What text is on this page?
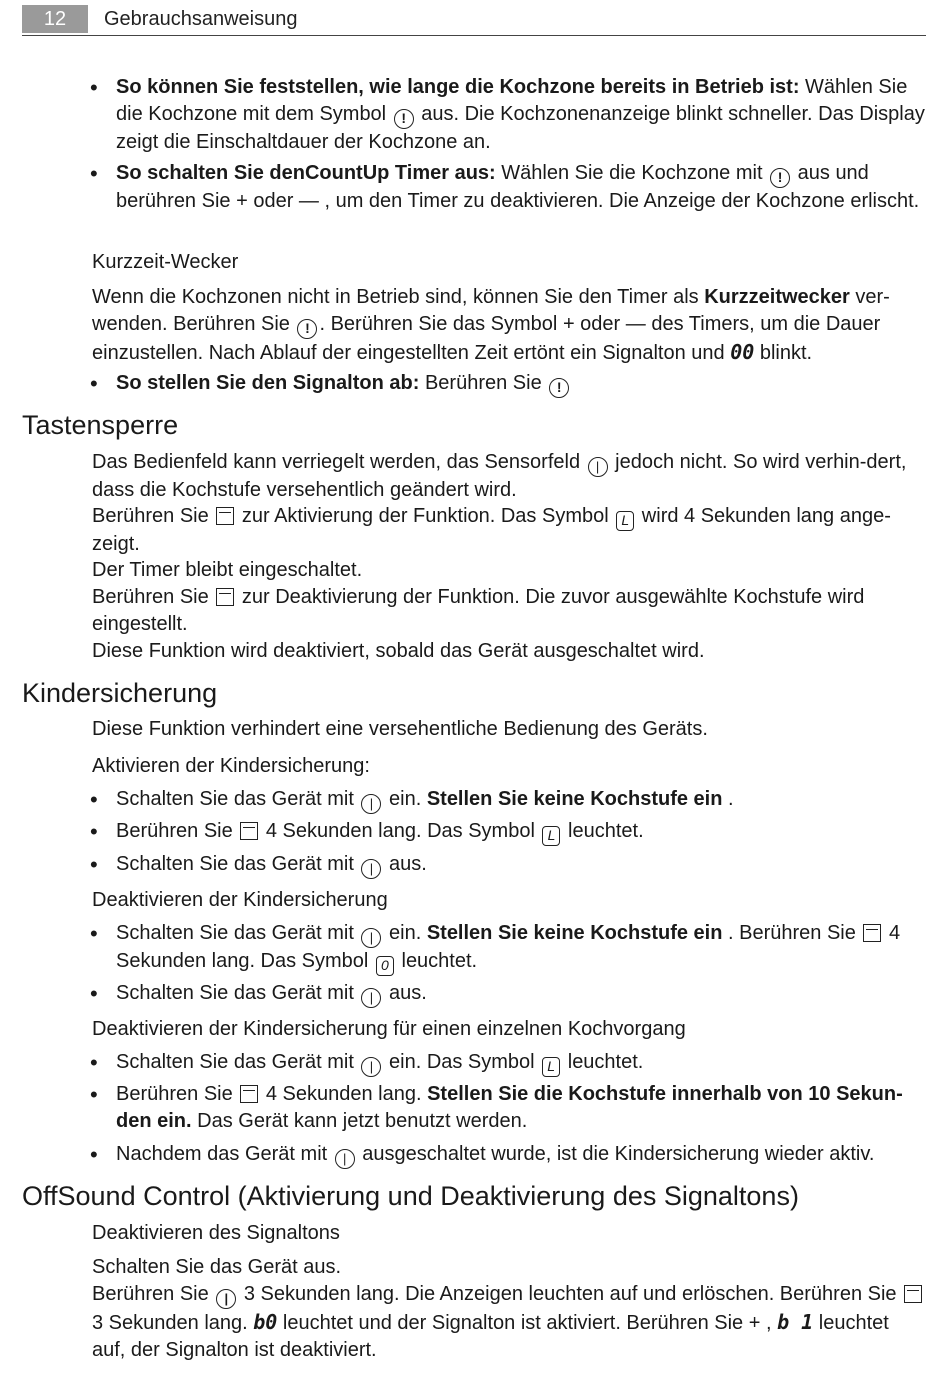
12	Gebrauchsanweisung
• So können Sie feststellen, wie lange die Kochzone bereits in Betrieb ist: Wählen Sie die Kochzone mit dem Symbol ! aus. Die Kochzonenanzeige blinkt schneller. Das Display zeigt die Einschaltdauer der Kochzone an.
• So schalten Sie denCountUp Timer aus: Wählen Sie die Kochzone mit ! aus und berühren Sie + oder — , um den Timer zu deaktivieren. Die Anzeige der Kochzone erlischt.
Kurzzeit-Wecker
Wenn die Kochzonen nicht in Betrieb sind, können Sie den Timer als Kurzzeitwecker ver-wenden. Berühren Sie ! . Berühren Sie das Symbol + oder — des Timers, um die Dauer einzustellen. Nach Ablauf der eingestellten Zeit ertönt ein Signalton und 00 blinkt.
• So stellen Sie den Signalton ab: Berühren Sie !
Tastensperre
Das Bedienfeld kann verriegelt werden, das Sensorfeld | jedoch nicht. So wird verhin-dert, dass die Kochstufe versehentlich geändert wird.
Berühren Sie  zur Aktivierung der Funktion. Das Symbol L wird 4 Sekunden lang ange-zeigt.
Der Timer bleibt eingeschaltet.
Berühren Sie  zur Deaktivierung der Funktion. Die zuvor ausgewählte Kochstufe wird eingestellt.
Diese Funktion wird deaktiviert, sobald das Gerät ausgeschaltet wird.
Kindersicherung
Diese Funktion verhindert eine versehentliche Bedienung des Geräts.
Aktivieren der Kindersicherung:
• Schalten Sie das Gerät mit | ein. Stellen Sie keine Kochstufe ein .
• Berühren Sie  4 Sekunden lang. Das Symbol L leuchtet.
• Schalten Sie das Gerät mit | aus.
Deaktivieren der Kindersicherung
• Schalten Sie das Gerät mit | ein. Stellen Sie keine Kochstufe ein . Berühren Sie  4 Sekunden lang. Das Symbol 0 leuchtet.
• Schalten Sie das Gerät mit | aus.
Deaktivieren der Kindersicherung für einen einzelnen Kochvorgang
• Schalten Sie das Gerät mit | ein. Das Symbol L leuchtet.
• Berühren Sie  4 Sekunden lang. Stellen Sie die Kochstufe innerhalb von 10 Sekun-den ein. Das Gerät kann jetzt benutzt werden.
• Nachdem das Gerät mit | ausgeschaltet wurde, ist die Kindersicherung wieder aktiv.
OffSound Control (Aktivierung und Deaktivierung des Signaltons)
Deaktivieren des Signaltons
Schalten Sie das Gerät aus.
Berühren Sie | 3 Sekunden lang. Die Anzeigen leuchten auf und erlöschen. Berühren Sie  3 Sekunden lang. b0 leuchtet und der Signalton ist aktiviert. Berühren Sie + , b 1 leuchtet auf, der Signalton ist deaktiviert.
